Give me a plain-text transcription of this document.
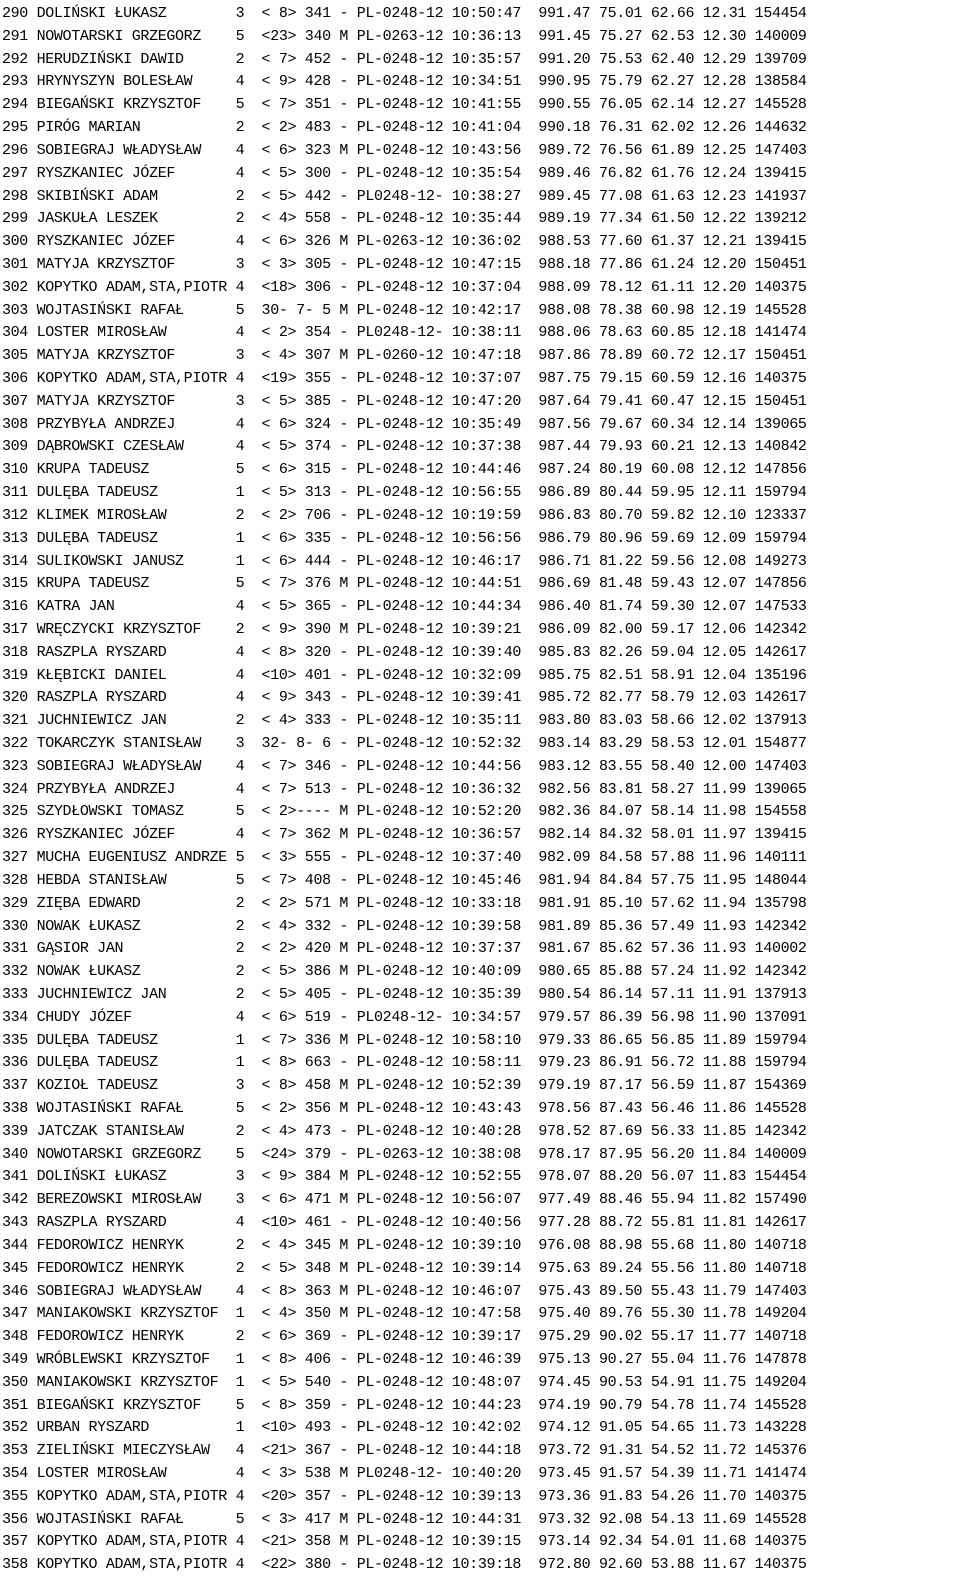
290 DOLIŃSKI ŁUKASZ        3  < 8> 341 - PL-0248-12 10:50:47  991.47 75.01 62.66 12.31 154454
291 NOWOTARSKI GRZEGORZ    5  <23> 340 M PL-0263-12 10:36:13  991.45 75.27 62.53 12.30 140009
292 HERUDZIŃSKI DAWID      2  < 7> 452 - PL-0248-12 10:35:57  991.20 75.53 62.40 12.29 139709
293 HRYNYSZYN BOLESŁAW     4  < 9> 428 - PL-0248-12 10:34:51  990.95 75.79 62.27 12.28 138584
294 BIEGAŃSKI KRZYSZTOF    5  < 7> 351 - PL-0248-12 10:41:55  990.55 76.05 62.14 12.27 145528
295 PIRÓG MARIAN           2  < 2> 483 - PL-0248-12 10:41:04  990.18 76.31 62.02 12.26 144632
296 SOBIEGRAJ WŁADYSŁAW    4  < 6> 323 M PL-0248-12 10:43:56  989.72 76.56 61.89 12.25 147403
297 RYSZKANIEC JÓZEF       4  < 5> 300 - PL-0248-12 10:35:54  989.46 76.82 61.76 12.24 139415
298 SKIBIŃSKI ADAM         2  < 5> 442 - PL0248-12- 10:38:27  989.45 77.08 61.63 12.23 141937
299 JASKUŁA LESZEK         2  < 4> 558 - PL-0248-12 10:35:44  989.19 77.34 61.50 12.22 139212
300 RYSZKANIEC JÓZEF       4  < 6> 326 M PL-0263-12 10:36:02  988.53 77.60 61.37 12.21 139415
301 MATYJA KRZYSZTOF       3  < 3> 305 - PL-0248-12 10:47:15  988.18 77.86 61.24 12.20 150451
302 KOPYTKO ADAM,STA,PIOTR 4  <18> 306 - PL-0248-12 10:37:04  988.09 78.12 61.11 12.20 140375
303 WOJTASIŃSKI RAFAŁ      5  30- 7- 5 M PL-0248-12 10:42:17  988.08 78.38 60.98 12.19 145528
304 LOSTER MIROSŁAW        4  < 2> 354 - PL0248-12- 10:38:11  988.06 78.63 60.85 12.18 141474
305 MATYJA KRZYSZTOF       3  < 4> 307 M PL-0260-12 10:47:18  987.86 78.89 60.72 12.17 150451
306 KOPYTKO ADAM,STA,PIOTR 4  <19> 355 - PL-0248-12 10:37:07  987.75 79.15 60.59 12.16 140375
307 MATYJA KRZYSZTOF       3  < 5> 385 - PL-0248-12 10:47:20  987.64 79.41 60.47 12.15 150451
308 PRZYBYŁA ANDRZEJ       4  < 6> 324 - PL-0248-12 10:35:49  987.56 79.67 60.34 12.14 139065
309 DĄBROWSKI CZESŁAW      4  < 5> 374 - PL-0248-12 10:37:38  987.44 79.93 60.21 12.13 140842
310 KRUPA TADEUSZ          5  < 6> 315 - PL-0248-12 10:44:46  987.24 80.19 60.08 12.12 147856
311 DULĘBA TADEUSZ         1  < 5> 313 - PL-0248-12 10:56:55  986.89 80.44 59.95 12.11 159794
312 KLIMEK MIROSŁAW        2  < 2> 706 - PL-0248-12 10:19:59  986.83 80.70 59.82 12.10 123337
313 DULĘBA TADEUSZ         1  < 6> 335 - PL-0248-12 10:56:56  986.79 80.96 59.69 12.09 159794
314 SULIKOWSKI JANUSZ      1  < 6> 444 - PL-0248-12 10:46:17  986.71 81.22 59.56 12.08 149273
315 KRUPA TADEUSZ          5  < 7> 376 M PL-0248-12 10:44:51  986.69 81.48 59.43 12.07 147856
316 KATRA JAN              4  < 5> 365 - PL-0248-12 10:44:34  986.40 81.74 59.30 12.07 147533
317 WRĘCZYCKI KRZYSZTOF    2  < 9> 390 M PL-0248-12 10:39:21  986.09 82.00 59.17 12.06 142342
318 RASZPLA RYSZARD        4  < 8> 320 - PL-0248-12 10:39:40  985.83 82.26 59.04 12.05 142617
319 KŁĘBICKI DANIEL        4  <10> 401 - PL-0248-12 10:32:09  985.75 82.51 58.91 12.04 135196
320 RASZPLA RYSZARD        4  < 9> 343 - PL-0248-12 10:39:41  985.72 82.77 58.79 12.03 142617
321 JUCHNIEWICZ JAN        2  < 4> 333 - PL-0248-12 10:35:11  983.80 83.03 58.66 12.02 137913
322 TOKARCZYK STANISŁAW    3  32- 8- 6 - PL-0248-12 10:52:32  983.14 83.29 58.53 12.01 154877
323 SOBIEGRAJ WŁADYSŁAW    4  < 7> 346 - PL-0248-12 10:44:56  983.12 83.55 58.40 12.00 147403
324 PRZYBYŁA ANDRZEJ       4  < 7> 513 - PL-0248-12 10:36:32  982.56 83.81 58.27 11.99 139065
325 SZYDŁOWSKI TOMASZ      5  < 2>---- M PL-0248-12 10:52:20  982.36 84.07 58.14 11.98 154558
326 RYSZKANIEC JÓZEF       4  < 7> 362 M PL-0248-12 10:36:57  982.14 84.32 58.01 11.97 139415
327 MUCHA EUGENIUSZ ANDRZE 5  < 3> 555 - PL-0248-12 10:37:40  982.09 84.58 57.88 11.96 140111
328 HEBDA STANISŁAW        5  < 7> 408 - PL-0248-12 10:45:46  981.94 84.84 57.75 11.95 148044
329 ZIĘBA EDWARD           2  < 2> 571 M PL-0248-12 10:33:18  981.91 85.10 57.62 11.94 135798
330 NOWAK ŁUKASZ           2  < 4> 332 - PL-0248-12 10:39:58  981.89 85.36 57.49 11.93 142342
331 GĄSIOR JAN             2  < 2> 420 M PL-0248-12 10:37:37  981.67 85.62 57.36 11.93 140002
332 NOWAK ŁUKASZ           2  < 5> 386 M PL-0248-12 10:40:09  980.65 85.88 57.24 11.92 142342
333 JUCHNIEWICZ JAN        2  < 5> 405 - PL-0248-12 10:35:39  980.54 86.14 57.11 11.91 137913
334 CHUDY JÓZEF            4  < 6> 519 - PL0248-12- 10:34:57  979.57 86.39 56.98 11.90 137091
335 DULĘBA TADEUSZ         1  < 7> 336 M PL-0248-12 10:58:10  979.33 86.65 56.85 11.89 159794
336 DULĘBA TADEUSZ         1  < 8> 663 - PL-0248-12 10:58:11  979.23 86.91 56.72 11.88 159794
337 KOZIOŁ TADEUSZ         3  < 8> 458 M PL-0248-12 10:52:39  979.19 87.17 56.59 11.87 154369
338 WOJTASIŃSKI RAFAŁ      5  < 2> 356 M PL-0248-12 10:43:43  978.56 87.43 56.46 11.86 145528
339 JATCZAK STANISŁAW      2  < 4> 473 - PL-0248-12 10:40:28  978.52 87.69 56.33 11.85 142342
340 NOWOTARSKI GRZEGORZ    5  <24> 379 - PL-0263-12 10:38:08  978.17 87.95 56.20 11.84 140009
341 DOLIŃSKI ŁUKASZ        3  < 9> 384 M PL-0248-12 10:52:55  978.07 88.20 56.07 11.83 154454
342 BEREZOWSKI MIROSŁAW    3  < 6> 471 M PL-0248-12 10:56:07  977.49 88.46 55.94 11.82 157490
343 RASZPLA RYSZARD        4  <10> 461 - PL-0248-12 10:40:56  977.28 88.72 55.81 11.81 142617
344 FEDOROWICZ HENRYK      2  < 4> 345 M PL-0248-12 10:39:10  976.08 88.98 55.68 11.80 140718
345 FEDOROWICZ HENRYK      2  < 5> 348 M PL-0248-12 10:39:14  975.63 89.24 55.56 11.80 140718
346 SOBIEGRAJ WŁADYSŁAW    4  < 8> 363 M PL-0248-12 10:46:07  975.43 89.50 55.43 11.79 147403
347 MANIAKOWSKI KRZYSZTOF  1  < 4> 350 M PL-0248-12 10:47:58  975.40 89.76 55.30 11.78 149204
348 FEDOROWICZ HENRYK      2  < 6> 369 - PL-0248-12 10:39:17  975.29 90.02 55.17 11.77 140718
349 WRÓBLEWSKI KRZYSZTOF   1  < 8> 406 - PL-0248-12 10:46:39  975.13 90.27 55.04 11.76 147878
350 MANIAKOWSKI KRZYSZTOF  1  < 5> 540 - PL-0248-12 10:48:07  974.45 90.53 54.91 11.75 149204
351 BIEGAŃSKI KRZYSZTOF    5  < 8> 359 - PL-0248-12 10:44:23  974.19 90.79 54.78 11.74 145528
352 URBAN RYSZARD          1  <10> 493 - PL-0248-12 10:42:02  974.12 91.05 54.65 11.73 143228
353 ZIELIŃSKI MIECZYSŁAW   4  <21> 367 - PL-0248-12 10:44:18  973.72 91.31 54.52 11.72 145376
354 LOSTER MIROSŁAW        4  < 3> 538 M PL0248-12- 10:40:20  973.45 91.57 54.39 11.71 141474
355 KOPYTKO ADAM,STA,PIOTR 4  <20> 357 - PL-0248-12 10:39:13  973.36 91.83 54.26 11.70 140375
356 WOJTASIŃSKI RAFAŁ      5  < 3> 417 M PL-0248-12 10:44:31  973.32 92.08 54.13 11.69 145528
357 KOPYTKO ADAM,STA,PIOTR 4  <21> 358 M PL-0248-12 10:39:15  973.14 92.34 54.01 11.68 140375
358 KOPYTKO ADAM,STA,PIOTR 4  <22> 380 - PL-0248-12 10:39:18  972.80 92.60 53.88 11.67 140375
